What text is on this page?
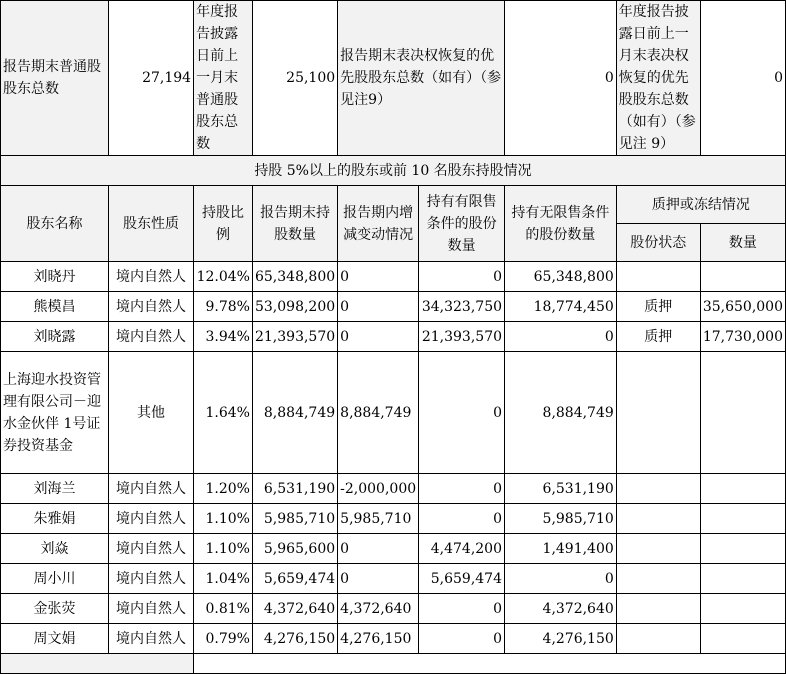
报告期末普通股股东总数	27,194	年度报告披露日前上一月末普通股股东总数	25,100	报告期末表决权恢复的优先股股东总数（如有）（参见注9）		0	年度报告披露日前上一月末表决权恢复的优先股股东总数（如有）（参见注 9）	0
持股 5%以上的股东或前 10 名股东持股情况								
股东名称	股东性质	持股比例	报告期末持股数量	报告期内增减变动情况	持有有限售条件的股份数量	持有无限售条件的股份数量	质押或冻结情况	
							股份状态	数量
刘晓丹	境内自然人	12.04%	65,348,800	0	0	65,348,800		
熊模昌	境内自然人	9.78%	53,098,200	0	34,323,750	18,774,450	质押	35,650,000
刘晓露	境内自然人	3.94%	21,393,570	0	21,393,570	0	质押	17,730,000
上海迎水投资管理有限公司－迎水金伙伴 1号证券投资基金	其他	1.64%	8,884,749	8,884,749	0	8,884,749		
刘海兰	境内自然人	1.20%	6,531,190	-2,000,000	0	6,531,190		
朱雅娟	境内自然人	1.10%	5,985,710	5,985,710	0	5,985,710		
刘焱	境内自然人	1.10%	5,965,600	0	4,474,200	1,491,400		
周小川	境内自然人	1.04%	5,659,474	0	5,659,474	0		
金张荧	境内自然人	0.81%	4,372,640	4,372,640	0	4,372,640		
周文娟	境内自然人	0.79%	4,276,150	4,276,150	0	4,276,150		
